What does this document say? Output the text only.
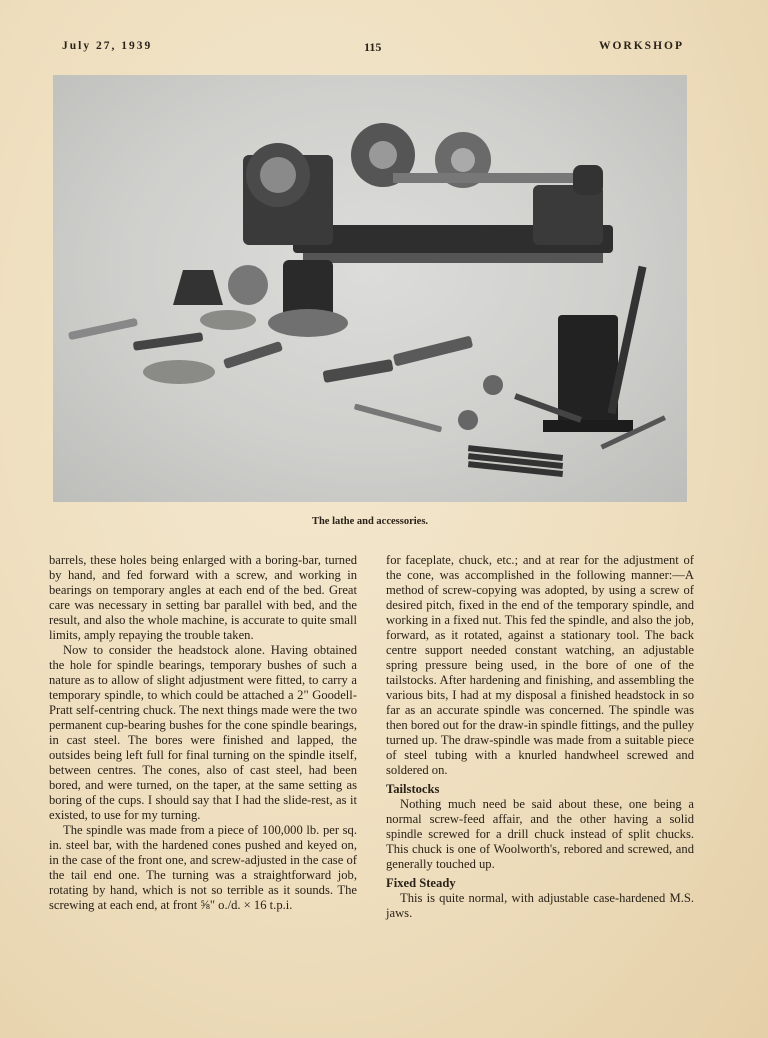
July 27, 1939	115	WORKSHOP
The lathe and accessories.

barrels, these holes being enlarged with a boring-bar, turned by hand, and fed forward with a screw, and working in bearings on temporary angles at each end of the bed. Great care was necessary in setting bar parallel with bed, and the result, and also the whole machine, is accurate to quite small limits, amply repaying the trouble taken.

Now to consider the headstock alone. Having obtained the hole for spindle bearings, temporary bushes of such a nature as to allow of slight adjustment were fitted, to carry a temporary spindle, to which could be attached a 2" Goodell-Pratt self-centring chuck. The next things made were the two permanent cup-bearing bushes for the cone spindle bearings, in cast steel. The bores were finished and lapped, the outsides being left full for final turning on the spindle itself, between centres. The cones, also of cast steel, had been bored, and were turned, on the taper, at the same setting as boring of the cups. I should say that I had the slide-rest, as it existed, to use for my turning.

The spindle was made from a piece of 100,000 lb. per sq. in. steel bar, with the hardened cones pushed and keyed on, in the case of the front one, and screw-adjusted in the case of the tail end one. The turning was a straightforward job, rotating by hand, which is not so terrible as it sounds. The screwing at each end, at front ⅝" o./d. × 16 t.p.i.

for faceplate, chuck, etc.; and at rear for the adjustment of the cone, was accomplished in the following manner:—A method of screw-copying was adopted, by using a screw of desired pitch, fixed in the end of the temporary spindle, and working in a fixed nut. This fed the spindle, and also the job, forward, as it rotated, against a stationary tool. The back centre support needed constant watching, an adjustable spring pressure being used, in the bore of one of the tailstocks. After hardening and finishing, and assembling the various bits, I had at my disposal a finished headstock in so far as an accurate spindle was concerned. The spindle was then bored out for the draw-in spindle fittings, and the pulley turned up. The draw-spindle was made from a suitable piece of steel tubing with a knurled handwheel screwed and soldered on.

Tailstocks

Nothing much need be said about these, one being a normal screw-feed affair, and the other having a solid spindle screwed for a drill chuck instead of split chucks. This chuck is one of Woolworth's, rebored and screwed, and generally touched up.

Fixed Steady

This is quite normal, with adjustable case-hardened M.S. jaws.
